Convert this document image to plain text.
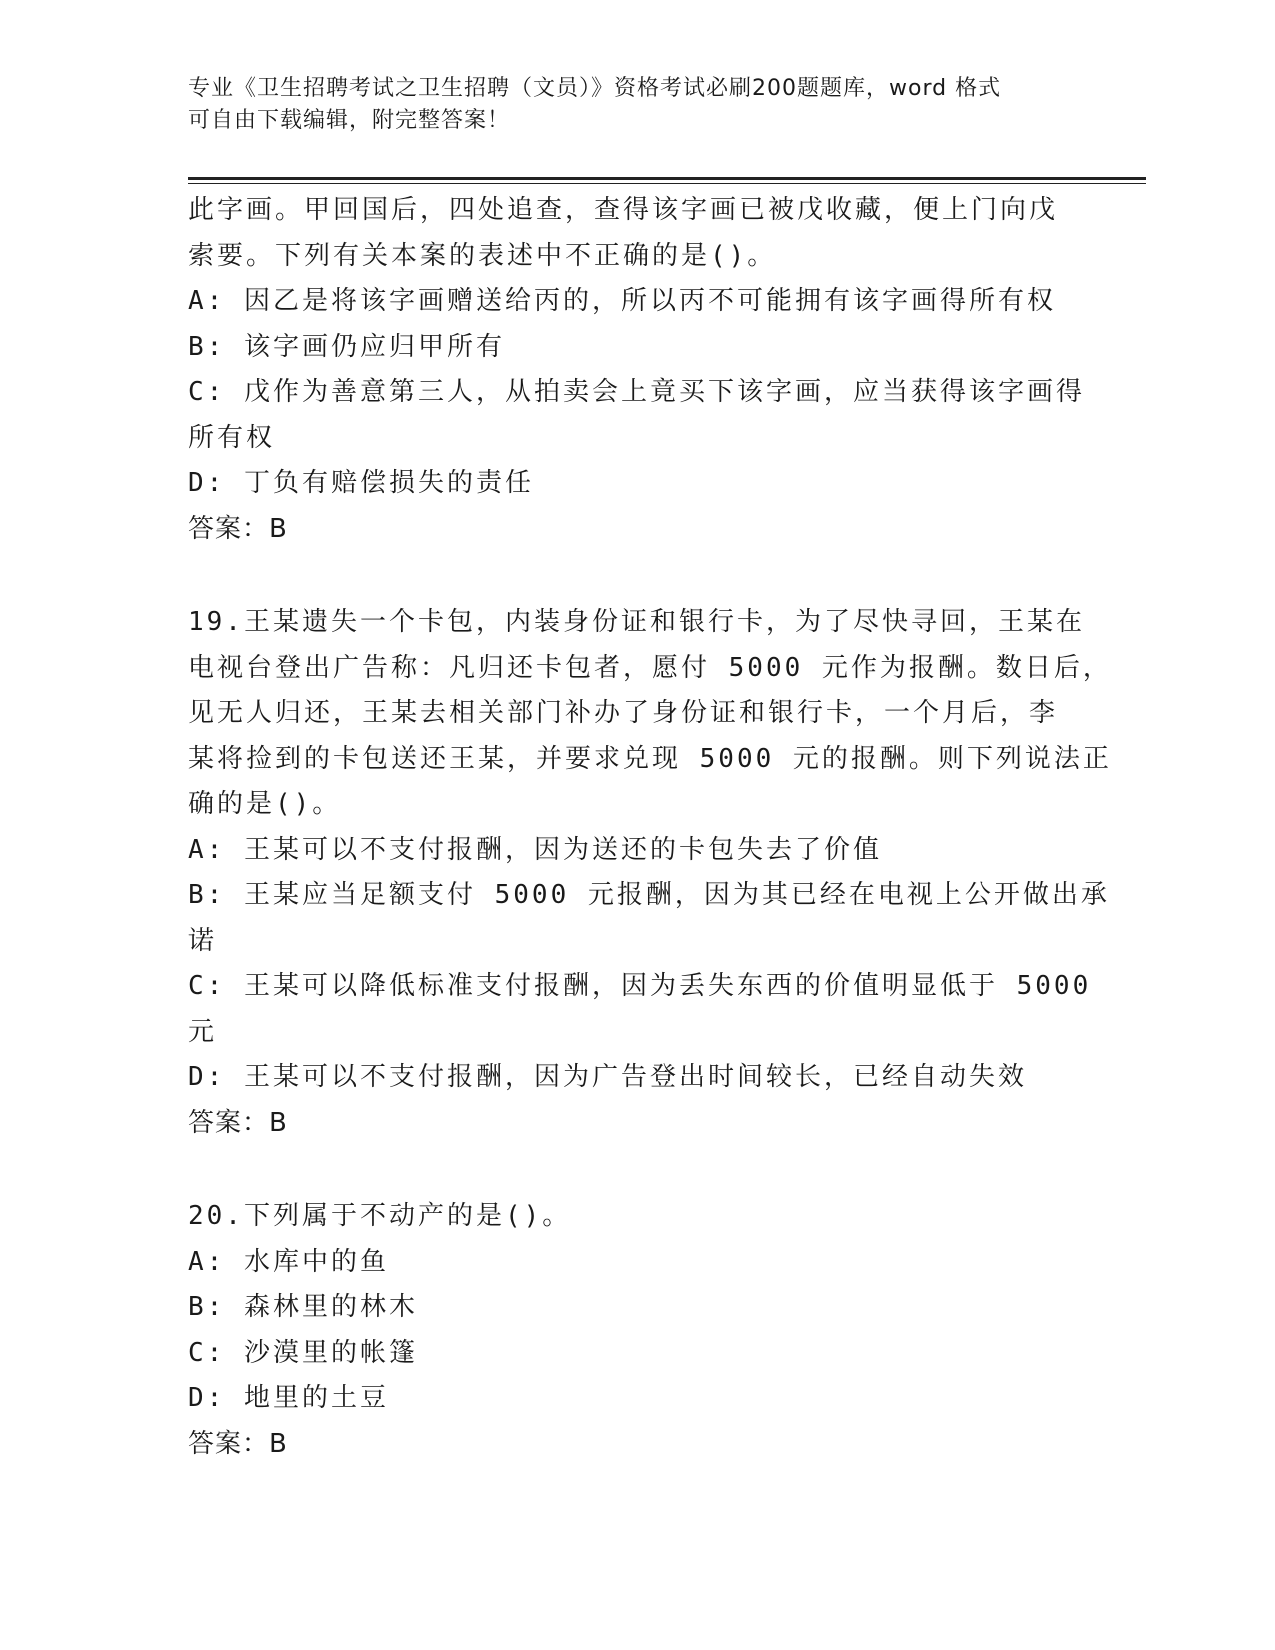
专业《卫生招聘考试之卫生招聘（文员）》资格考试必刷200题题库，word 格式
可自由下载编辑，附完整答案！
此字画。甲回国后，四处追查，查得该字画已被戊收藏，便上门向戊
索要。下列有关本案的表述中不正确的是()。
A: 因乙是将该字画赠送给丙的，所以丙不可能拥有该字画得所有权
B: 该字画仍应归甲所有
C: 戊作为善意第三人，从拍卖会上竟买下该字画，应当获得该字画得
所有权
D: 丁负有赔偿损失的责任
答案：B
19.王某遗失一个卡包，内装身份证和银行卡，为了尽快寻回，王某在
电视台登出广告称：凡归还卡包者，愿付 5000 元作为报酬。数日后，
见无人归还，王某去相关部门补办了身份证和银行卡，一个月后，李
某将捡到的卡包送还王某，并要求兑现 5000 元的报酬。则下列说法正
确的是()。
A: 王某可以不支付报酬，因为送还的卡包失去了价值
B: 王某应当足额支付 5000 元报酬，因为其已经在电视上公开做出承
诺
C: 王某可以降低标准支付报酬，因为丢失东西的价值明显低于 5000
元
D: 王某可以不支付报酬，因为广告登出时间较长，已经自动失效
答案：B
20.下列属于不动产的是()。
A: 水库中的鱼
B: 森林里的林木
C: 沙漠里的帐篷
D: 地里的土豆
答案：B
